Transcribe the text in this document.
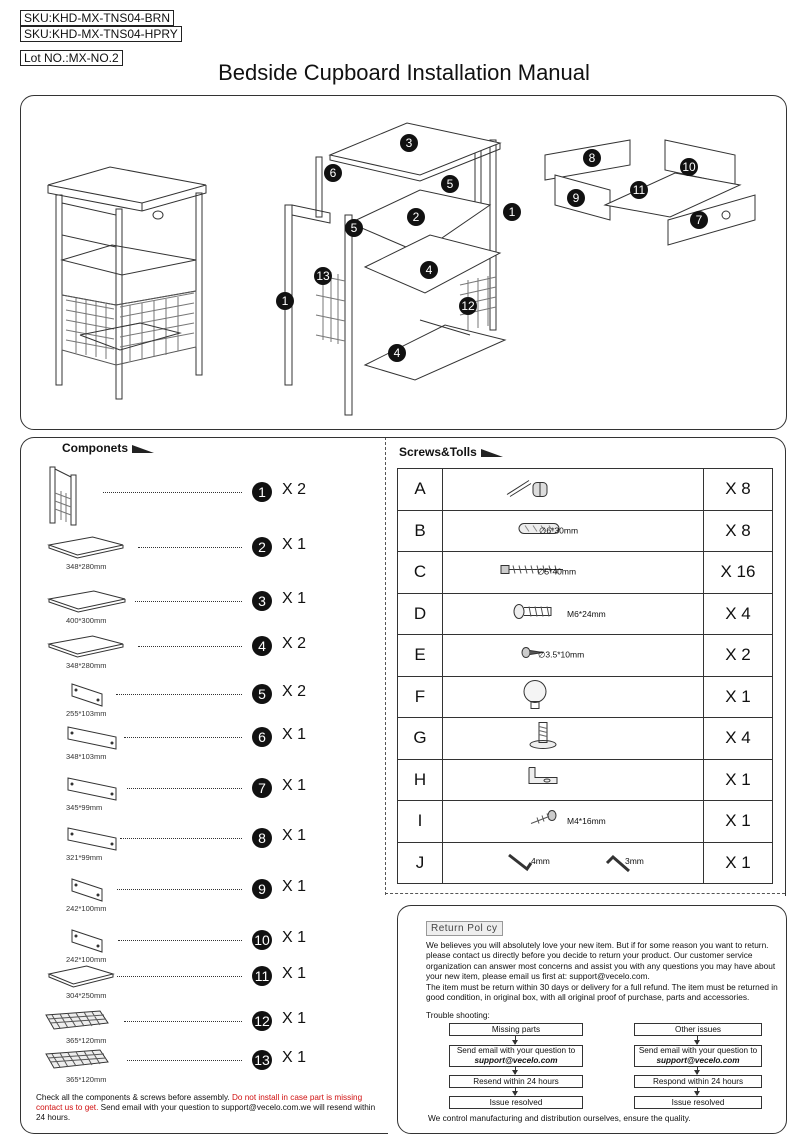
SKU:KHD-MX-TNS04-BRN
SKU:KHD-MX-TNS04-HPRY
Lot NO.:MX-NO.2
Bedside Cupboard Installation Manual
3
6
5
8
10
11
9
1
5
2	7
13	4
1	12
4
Componets
1	X 2
348*280mm
2	X 1
400*300mm
3	X 1
348*280mm
4	X 2
255*103mm
5	X 2
348*103mm
6	X 1
345*99mm
7	X 1
321*99mm
8	X 1
242*100mm
9	X 1
242*100mm
10 X 1
304*250mm
11 X 1
365*120mm
12 X 1
365*120mm
13 X 1
Check all the components & screws before assembly. Do not install in case part is missing contact us to get. Send email with your question to support@vecelo.com.we will resend within 24 hours.
Screws&Tolls
A		X 8
B	∅6*30mm	X 8
C	∅5*40mm	X 16
D	M6*24mm	X 4
E	∅3.5*10mm	X 2
F		X 1
G		X 4
H		X 1
I	M4*16mm	X 1
J	4mm 3mm	X 1
Return Pol cy
We believes you will absolutely love your new item. But if for some reason you want to return. please contact us directly before you decide to return your product. Our customer service organization can answer most concerns and assist you with any questions you may have about your new item, please email us first at: support@vecelo.com.
The item must be return within 30 days or delivery for a full refund. The item must be returned in good condition, in original box, with all original proof of purchase, parts and accessories.
Trouble shooting:
Missing parts
Send email with your question to
support@vecelo.com
Resend within 24 hours
Issue resolved
Other issues
Send email with your question to
support@vecelo.com
Respond within 24 hours
Issue resolved
We control manufacturing and distribution ourselves, ensure the quality.
